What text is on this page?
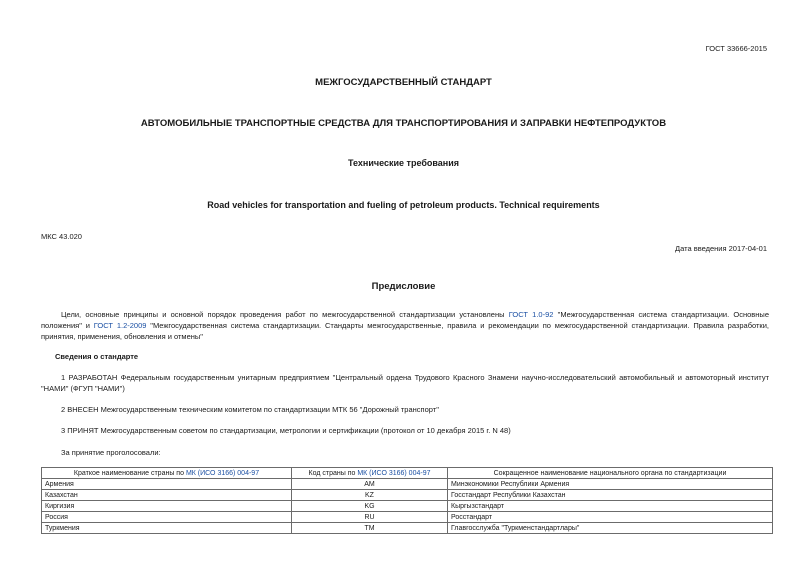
ГОСТ 33666-2015
МЕЖГОСУДАРСТВЕННЫЙ СТАНДАРТ
АВТОМОБИЛЬНЫЕ ТРАНСПОРТНЫЕ СРЕДСТВА ДЛЯ ТРАНСПОРТИРОВАНИЯ И ЗАПРАВКИ НЕФТЕПРОДУКТОВ
Технические требования
Road vehicles for transportation and fueling of petroleum products. Technical requirements
МКС 43.020
Дата введения 2017-04-01
Предисловие
Цели, основные принципы и основной порядок проведения работ по межгосударственной стандартизации установлены ГОСТ 1.0-92 "Межгосударственная система стандартизации. Основные положения" и ГОСТ 1.2-2009 "Межгосударственная система стандартизации. Стандарты межгосударственные, правила и рекомендации по межгосударственной стандартизации. Правила разработки, принятия, применения, обновления и отмены"
Сведения о стандарте
1 РАЗРАБОТАН Федеральным государственным унитарным предприятием "Центральный ордена Трудового Красного Знамени научно-исследовательский автомобильный и автомоторный институт "НАМИ" (ФГУП "НАМИ")
2 ВНЕСЕН Межгосударственным техническим комитетом по стандартизации МТК 56 "Дорожный транспорт"
3 ПРИНЯТ Межгосударственным советом по стандартизации, метрологии и сертификации (протокол от 10 декабря 2015 г. N 48)
За принятие проголосовали:
Краткое наименование страны по МК (ИСО 3166) 004-97	Код страны по МК (ИСО 3166) 004-97	Сокращенное наименование национального органа по стандартизации
Армения	AM	Минэкономики Республики Армения
Казахстан	KZ	Госстандарт Республики Казахстан
Киргизия	KG	Кыргызстандарт
Россия	RU	Росстандарт
Туркмения	TM	Главгосслужба "Туркменстандартлары"
